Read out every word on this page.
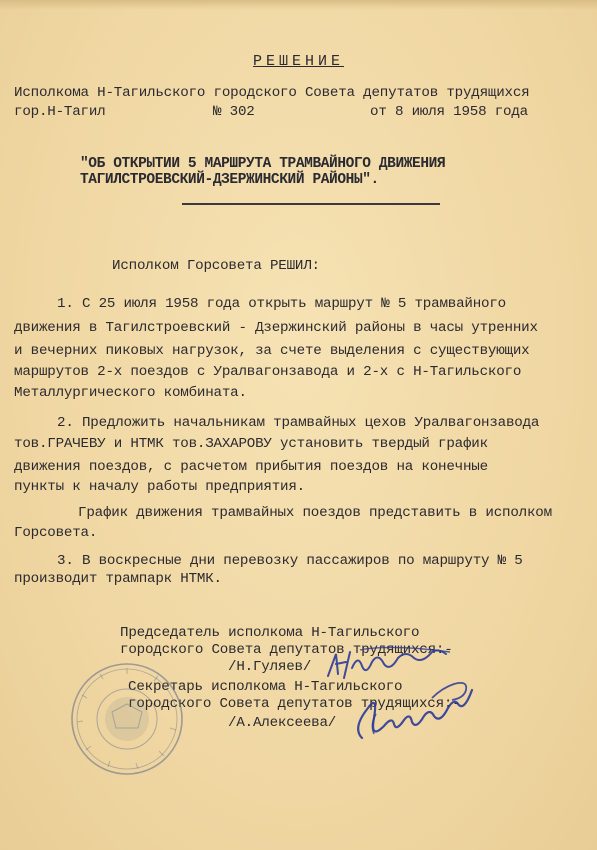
РЕШЕНИЕ
Исполкома Н-Тагильского городского Совета депутатов трудящихся
гор.Н-Тагил	№ 302	от 8 июля 1958 года
"ОБ ОТКРЫТИИ 5 МАРШРУТА ТРАМВАЙНОГО ДВИЖЕНИЯ
ТАГИЛСТРОЕВСКИЙ-ДЗЕРЖИНСКИЙ РАЙОНЫ".
Исполком Горсовета РЕШИЛ:
1. С 25 июля 1958 года открыть маршрут № 5 трамвайного
движения в Тагилстроевский - Дзержинский районы в часы утренних
и вечерних пиковых нагрузок, за счете выделения с существующих
маршрутов 2-х поездов с Уралвагонзавода и 2-х с Н-Тагильского
Металлургического комбината.
2. Предложить начальникам трамвайных цехов Уралвагонзавода
тов.ГРАЧЕВУ и НТМК тов.ЗАХАРОВУ установить твердый график
движения поездов, с расчетом прибытия поездов на конечные
пункты к началу работы предприятия.
График движения трамвайных поездов представить в исполком
Горсовета.
3. В воскресные дни перевозку пассажиров по маршруту № 5
производит трампарк НТМК.
Председатель исполкома Н-Тагильского
городского Совета депутатов трудящихся:-
/Н.Гуляев/
Секретарь исполкома Н-Тагильского
городского Совета депутатов трудящихся:-
/А.Алексеева/
